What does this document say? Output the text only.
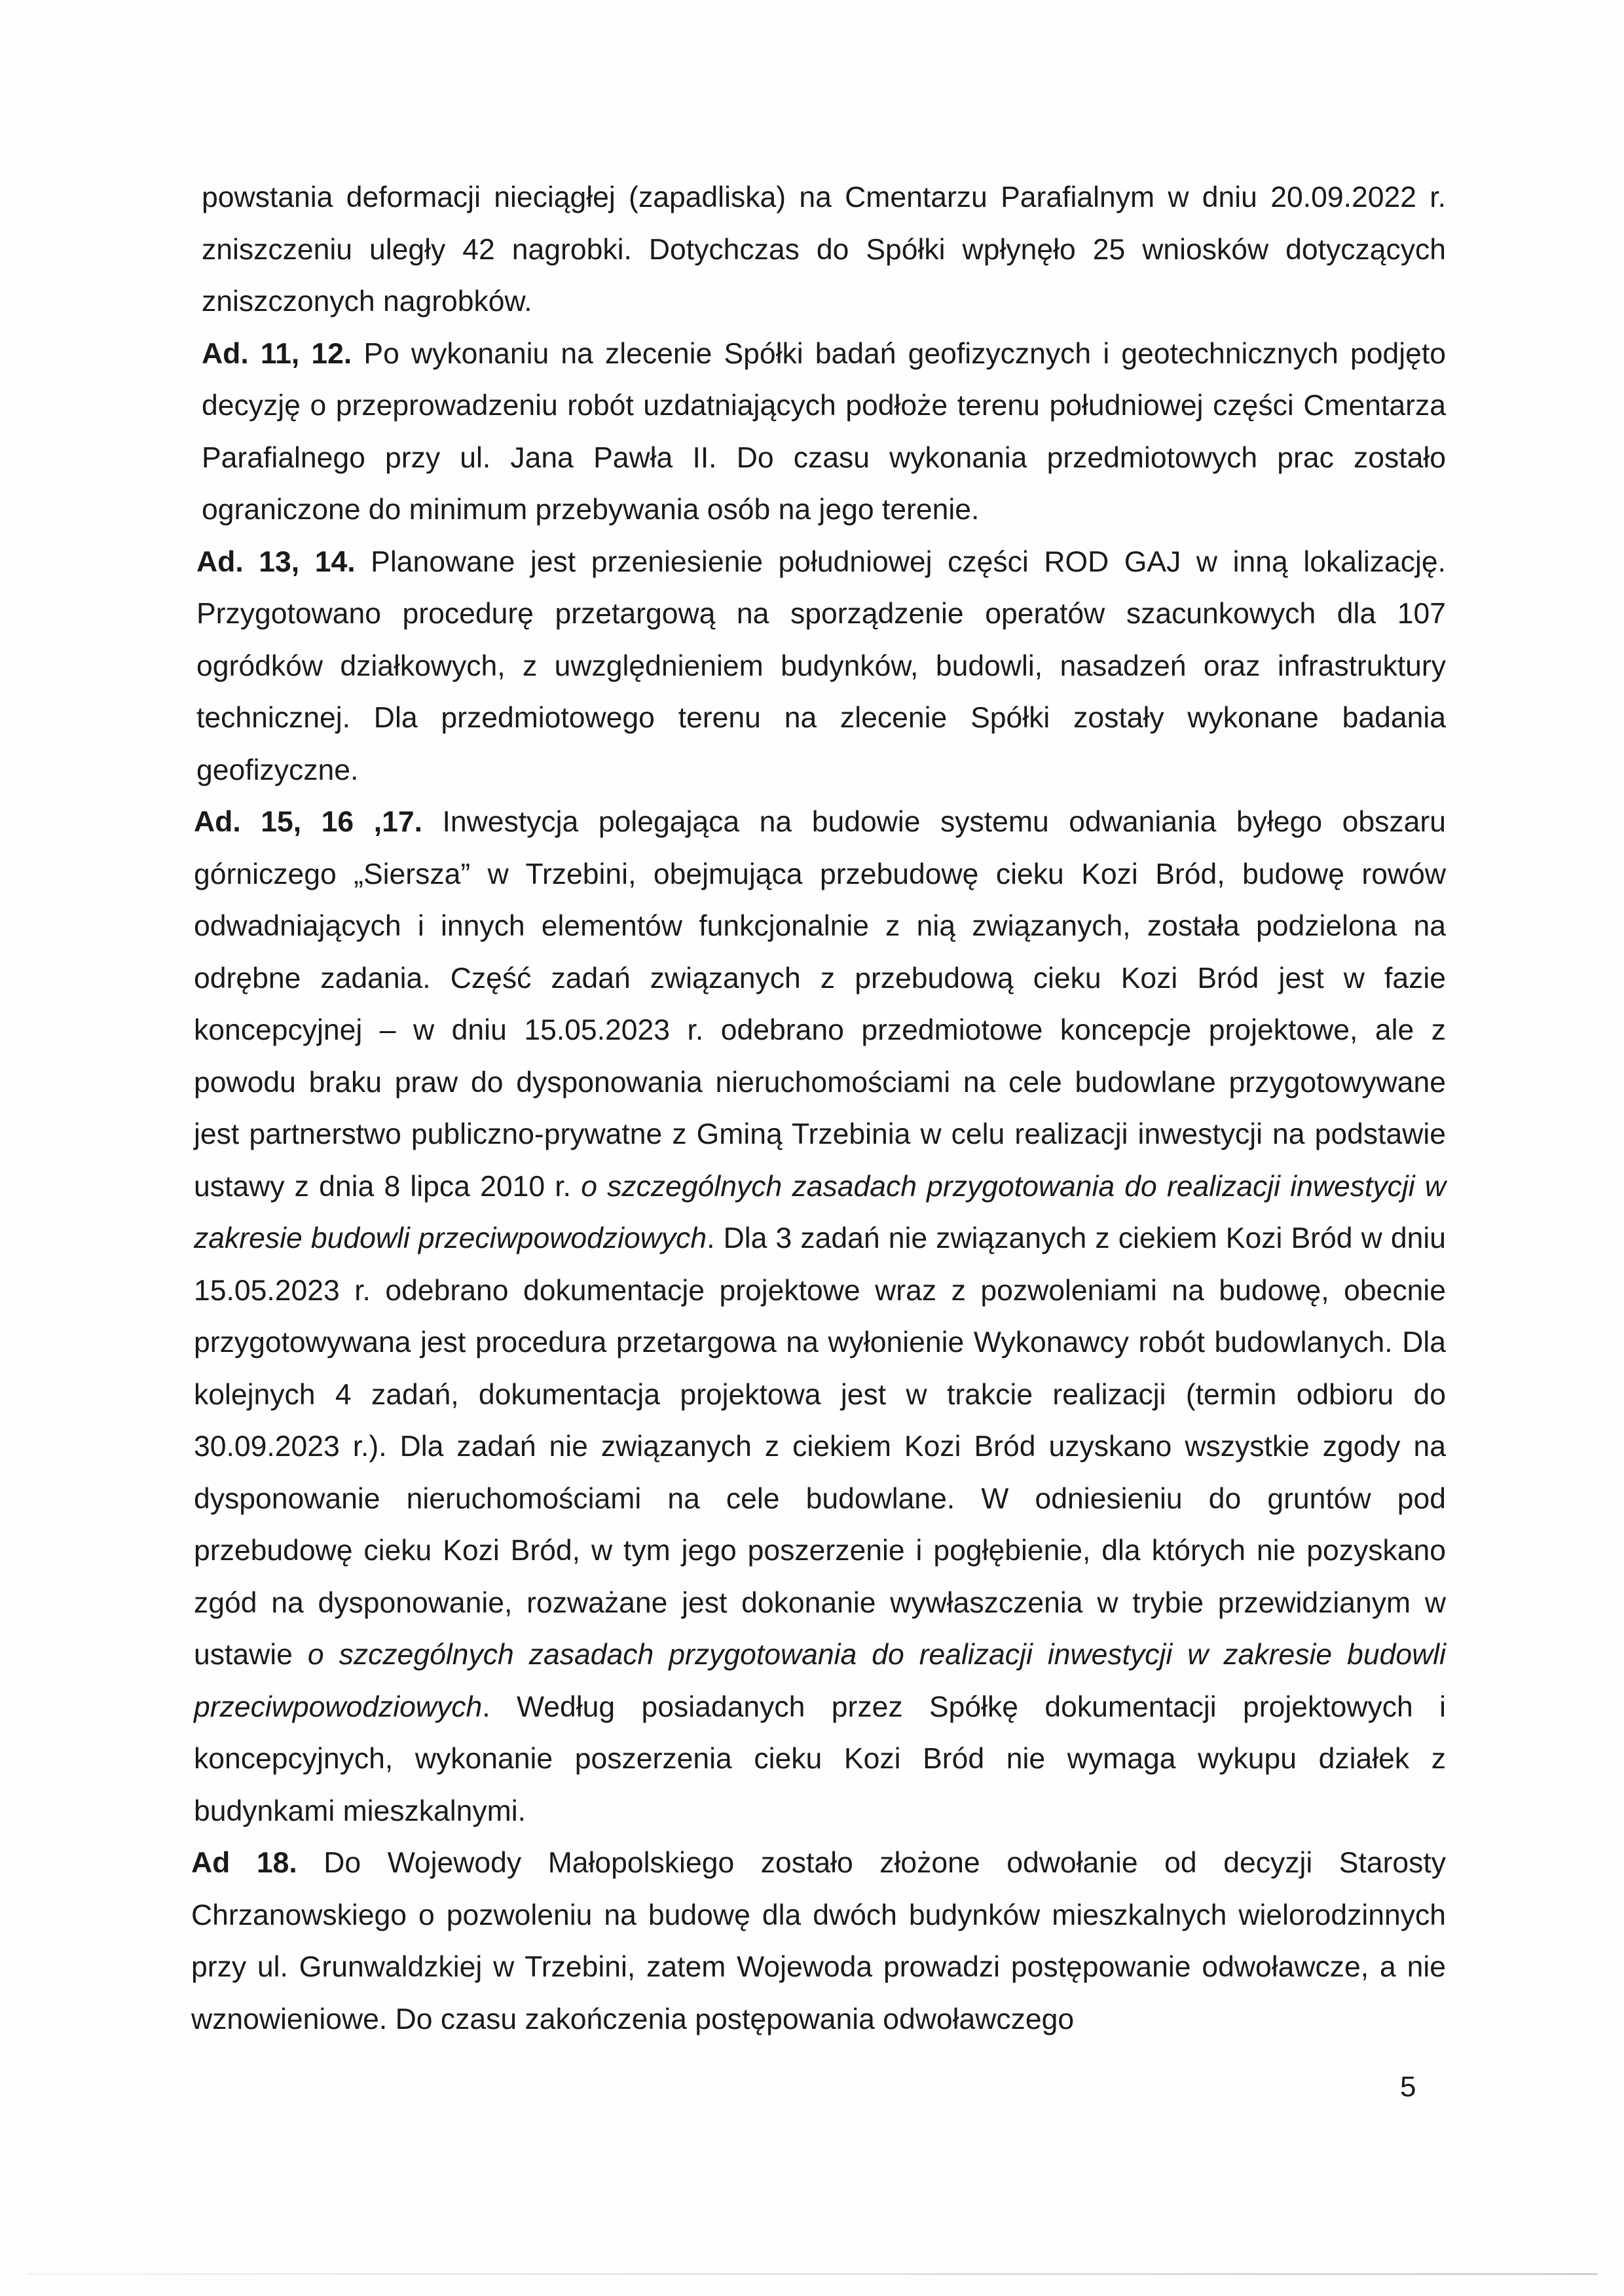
powstania deformacji nieciągłej (zapadliska) na Cmentarzu Parafialnym w dniu 20.09.2022 r. zniszczeniu uległy 42 nagrobki. Dotychczas do Spółki wpłynęło 25 wniosków dotyczących zniszczonych nagrobków.

Ad. 11, 12. Po wykonaniu na zlecenie Spółki badań geofizycznych i geotechnicznych podjęto decyzję o przeprowadzeniu robót uzdatniających podłoże terenu południowej części Cmentarza Parafialnego przy ul. Jana Pawła II. Do czasu wykonania przedmiotowych prac zostało ograniczone do minimum przebywania osób na jego terenie.

Ad. 13, 14. Planowane jest przeniesienie południowej części ROD GAJ w inną lokalizację. Przygotowano procedurę przetargową na sporządzenie operatów szacunkowych dla 107 ogródków działkowych, z uwzględnieniem budynków, budowli, nasadzeń oraz infrastruktury technicznej. Dla przedmiotowego terenu na zlecenie Spółki zostały wykonane badania geofizyczne.

Ad. 15, 16 ,17. Inwestycja polegająca na budowie systemu odwaniania byłego obszaru górniczego „Siersza” w Trzebini, obejmująca przebudowę cieku Kozi Bród, budowę rowów odwadniających i innych elementów funkcjonalnie z nią związanych, została podzielona na odrębne zadania. Część zadań związanych z przebudową cieku Kozi Bród jest w fazie koncepcyjnej – w dniu 15.05.2023 r. odebrano przedmiotowe koncepcje projektowe, ale z powodu braku praw do dysponowania nieruchomościami na cele budowlane przygotowywane jest partnerstwo publiczno-prywatne z Gminą Trzebinia w celu realizacji inwestycji na podstawie ustawy z dnia 8 lipca 2010 r. o szczególnych zasadach przygotowania do realizacji inwestycji w zakresie budowli przeciwpowodziowych. Dla 3 zadań nie związanych z ciekiem Kozi Bród w dniu 15.05.2023 r. odebrano dokumentacje projektowe wraz z pozwoleniami na budowę, obecnie przygotowywana jest procedura przetargowa na wyłonienie Wykonawcy robót budowlanych. Dla kolejnych 4 zadań, dokumentacja projektowa jest w trakcie realizacji (termin odbioru do 30.09.2023 r.). Dla zadań nie związanych z ciekiem Kozi Bród uzyskano wszystkie zgody na dysponowanie nieruchomościami na cele budowlane. W odniesieniu do gruntów pod przebudowę cieku Kozi Bród, w tym jego poszerzenie i pogłębienie, dla których nie pozyskano zgód na dysponowanie, rozważane jest dokonanie wywłaszczenia w trybie przewidzianym w ustawie o szczególnych zasadach przygotowania do realizacji inwestycji w zakresie budowli przeciwpowodziowych. Według posiadanych przez Spółkę dokumentacji projektowych i koncepcyjnych, wykonanie poszerzenia cieku Kozi Bród nie wymaga wykupu działek z budynkami mieszkalnymi.

Ad 18. Do Wojewody Małopolskiego zostało złożone odwołanie od decyzji Starosty Chrzanowskiego o pozwoleniu na budowę dla dwóch budynków mieszkalnych wielorodzinnych przy ul. Grunwaldzkiej w Trzebini, zatem Wojewoda prowadzi postępowanie odwoławcze, a nie wznowieniowe. Do czasu zakończenia postępowania odwoławczego

5
